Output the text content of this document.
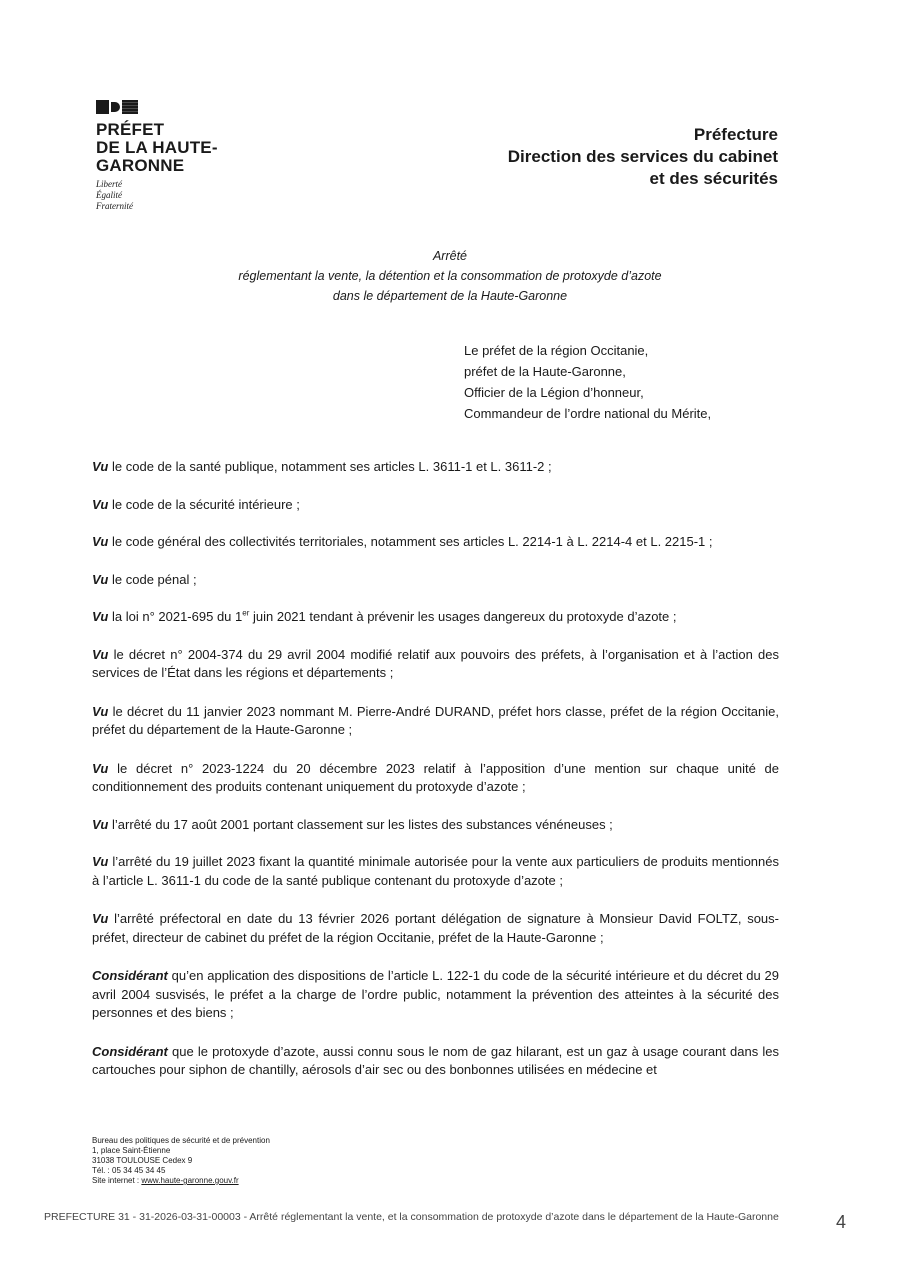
PRÉFET
DE LA HAUTE-
GARONNE
Liberté
Égalité
Fraternité
Préfecture
Direction des services du cabinet
et des sécurités
Arrêté
réglementant la vente, la détention et la consommation de protoxyde d’azote
dans le département de la Haute-Garonne
Le préfet de la région Occitanie,
préfet de la Haute-Garonne,
Officier de la Légion d’honneur,
Commandeur de l’ordre national du Mérite,

Vu le code de la santé publique, notamment ses articles L. 3611-1 et L. 3611-2 ;

Vu le code de la sécurité intérieure ;

Vu le code général des collectivités territoriales, notamment ses articles L. 2214-1 à L. 2214-4 et L. 2215-1 ;

Vu le code pénal ;

Vu la loi n° 2021-695 du 1er juin 2021 tendant à prévenir les usages dangereux du protoxyde d’azote ;

Vu le décret n° 2004-374 du 29 avril 2004 modifié relatif aux pouvoirs des préfets, à l’organisation et à l’action des services de l’État dans les régions et départements ;

Vu le décret du 11 janvier 2023 nommant M. Pierre-André DURAND, préfet hors classe, préfet de la région Occitanie, préfet du département de la Haute-Garonne ;

Vu le décret n° 2023-1224 du 20 décembre 2023 relatif à l’apposition d’une mention sur chaque unité de conditionnement des produits contenant uniquement du protoxyde d’azote ;

Vu l’arrêté du 17 août 2001 portant classement sur les listes des substances vénéneuses ;

Vu l’arrêté du 19 juillet 2023 fixant la quantité minimale autorisée pour la vente aux particuliers de produits mentionnés à l’article L. 3611-1 du code de la santé publique contenant du protoxyde d’azote ;

Vu l’arrêté préfectoral en date du 13 février 2026 portant délégation de signature à Monsieur David FOLTZ, sous-préfet, directeur de cabinet du préfet de la région Occitanie, préfet de la Haute-Garonne ;

Considérant qu’en application des dispositions de l’article L. 122-1 du code de la sécurité intérieure et du décret du 29 avril 2004 susvisés, le préfet a la charge de l’ordre public, notamment la prévention des atteintes à la sécurité des personnes et des biens ;

Considérant que le protoxyde d’azote, aussi connu sous le nom de gaz hilarant, est un gaz à usage courant dans les cartouches pour siphon de chantilly, aérosols d’air sec ou des bonbonnes utilisées en médecine et

Bureau des politiques de sécurité et de prévention
1, place Saint-Étienne
31038 TOULOUSE Cedex 9
Tél. : 05 34 45 34 45
Site internet : www.haute-garonne.gouv.fr
PREFECTURE 31 - 31-2026-03-31-00003 - Arrêté réglementant la vente, et la consommation de protoxyde d’azote dans le département de la Haute-Garonne	4
